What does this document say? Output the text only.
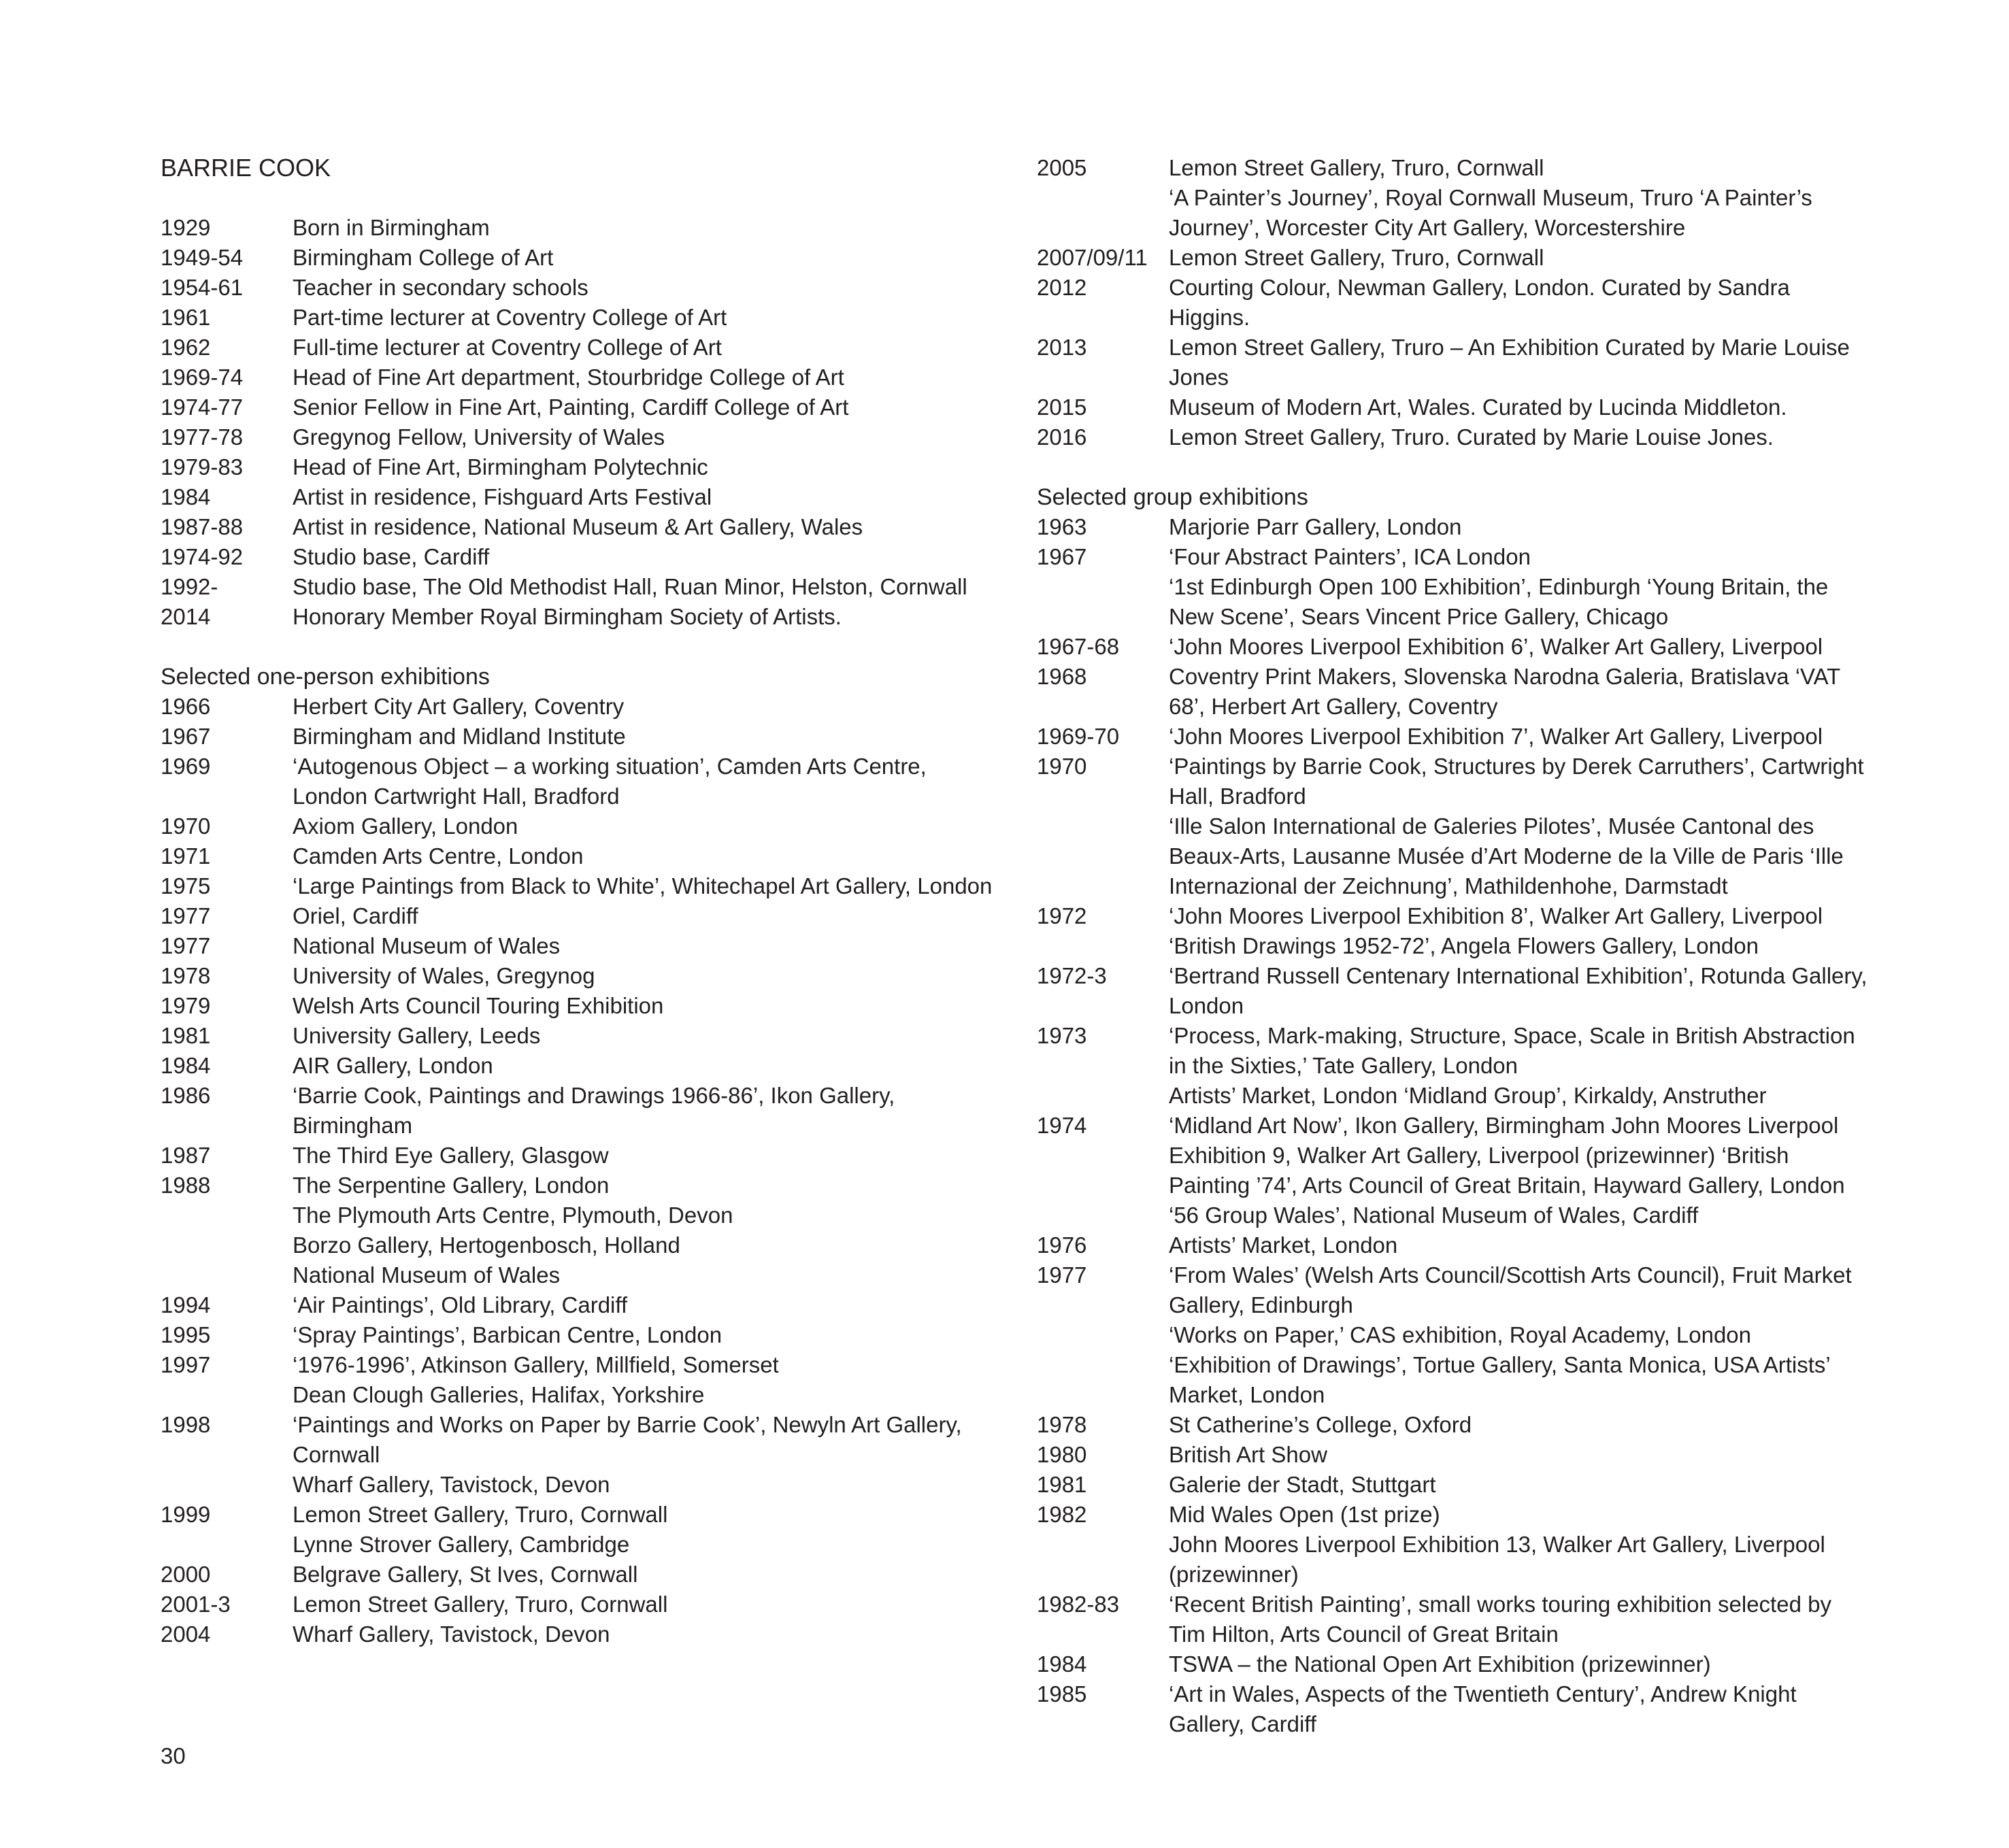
BARRIE COOK
1929	Born in Birmingham
1949-54	Birmingham College of Art
1954-61	Teacher in secondary schools
1961	Part-time lecturer at Coventry College of Art
1962	Full-time lecturer at Coventry College of Art
1969-74	Head of Fine Art department, Stourbridge College of Art
1974-77	Senior Fellow in Fine Art, Painting, Cardiff College of Art
1977-78	Gregynog Fellow, University of Wales
1979-83	Head of Fine Art, Birmingham Polytechnic
1984	Artist in residence, Fishguard Arts Festival
1987-88	Artist in residence, National Museum & Art Gallery, Wales
1974-92	Studio base, Cardiff
1992-	Studio base, The Old Methodist Hall, Ruan Minor, Helston, Cornwall
2014	Honorary Member Royal Birmingham Society of Artists.
Selected one-person exhibitions
1966	Herbert City Art Gallery, Coventry
1967	Birmingham and Midland Institute
1969	‘Autogenous Object – a working situation’, Camden Arts Centre, London Cartwright Hall, Bradford
1970	Axiom Gallery, London
1971	Camden Arts Centre, London
1975	‘Large Paintings from Black to White’, Whitechapel Art Gallery, London
1977	Oriel, Cardiff
1977	National Museum of Wales
1978	University of Wales, Gregynog
1979	Welsh Arts Council Touring Exhibition
1981	University Gallery, Leeds
1984	AIR Gallery, London
1986	‘Barrie Cook, Paintings and Drawings 1966-86’, Ikon Gallery, Birmingham
1987	The Third Eye Gallery, Glasgow
1988	The Serpentine Gallery, London
The Plymouth Arts Centre, Plymouth, Devon
Borzo Gallery, Hertogenbosch, Holland
National Museum of Wales
1994	‘Air Paintings’, Old Library, Cardiff
1995	‘Spray Paintings’, Barbican Centre, London
1997	‘1976-1996’, Atkinson Gallery, Millfield, Somerset
Dean Clough Galleries, Halifax, Yorkshire
1998	‘Paintings and Works on Paper by Barrie Cook’, Newyln Art Gallery, Cornwall
Wharf Gallery, Tavistock, Devon
1999	Lemon Street Gallery, Truro, Cornwall
Lynne Strover Gallery, Cambridge
2000	Belgrave Gallery, St Ives, Cornwall
2001-3	Lemon Street Gallery, Truro, Cornwall
2004	Wharf Gallery, Tavistock, Devon
2005	Lemon Street Gallery, Truro, Cornwall
‘A Painter’s Journey’, Royal Cornwall Museum, Truro ‘A Painter’s Journey’, Worcester City Art Gallery, Worcestershire
2007/09/11 Lemon Street Gallery, Truro, Cornwall
2012	Courting Colour, Newman Gallery, London. Curated by Sandra Higgins.
2013	Lemon Street Gallery, Truro – An Exhibition Curated by Marie Louise Jones
2015	Museum of Modern Art, Wales. Curated by Lucinda Middleton.
2016	Lemon Street Gallery, Truro. Curated by Marie Louise Jones.
Selected group exhibitions
1963	Marjorie Parr Gallery, London
1967	‘Four Abstract Painters’, ICA London
‘1st Edinburgh Open 100 Exhibition’, Edinburgh ‘Young Britain, the New Scene’, Sears Vincent Price Gallery, Chicago
1967-68	‘John Moores Liverpool Exhibition 6’, Walker Art Gallery, Liverpool
1968	Coventry Print Makers, Slovenska Narodna Galeria, Bratislava ‘VAT 68’, Herbert Art Gallery, Coventry
1969-70	‘John Moores Liverpool Exhibition 7’, Walker Art Gallery, Liverpool
1970	‘Paintings by Barrie Cook, Structures by Derek Carruthers’, Cartwright Hall, Bradford
‘Ille Salon International de Galeries Pilotes’, Musée Cantonal des Beaux-Arts, Lausanne Musée d’Art Moderne de la Ville de Paris ‘Ille Internazional der Zeichnung’, Mathildenhohe, Darmstadt
1972	‘John Moores Liverpool Exhibition 8’, Walker Art Gallery, Liverpool
‘British Drawings 1952-72’, Angela Flowers Gallery, London
1972-3	‘Bertrand Russell Centenary International Exhibition’, Rotunda Gallery, London
1973	‘Process, Mark-making, Structure, Space, Scale in British Abstraction in the Sixties,’ Tate Gallery, London
Artists’ Market, London ‘Midland Group’, Kirkaldy, Anstruther
1974	‘Midland Art Now’, Ikon Gallery, Birmingham John Moores Liverpool Exhibition 9, Walker Art Gallery, Liverpool (prizewinner) ‘British Painting ’74’, Arts Council of Great Britain, Hayward Gallery, London ‘56 Group Wales’, National Museum of Wales, Cardiff
1976	Artists’ Market, London
1977	‘From Wales’ (Welsh Arts Council/Scottish Arts Council), Fruit Market Gallery, Edinburgh
‘Works on Paper,’ CAS exhibition, Royal Academy, London
‘Exhibition of Drawings’, Tortue Gallery, Santa Monica, USA Artists’ Market, London
1978	St Catherine’s College, Oxford
1980	British Art Show
1981	Galerie der Stadt, Stuttgart
1982	Mid Wales Open (1st prize)
John Moores Liverpool Exhibition 13, Walker Art Gallery, Liverpool (prizewinner)
1982-83	‘Recent British Painting’, small works touring exhibition selected by Tim Hilton, Arts Council of Great Britain
1984	TSWA – the National Open Art Exhibition (prizewinner)
1985	‘Art in Wales, Aspects of the Twentieth Century’, Andrew Knight Gallery, Cardiff
30
